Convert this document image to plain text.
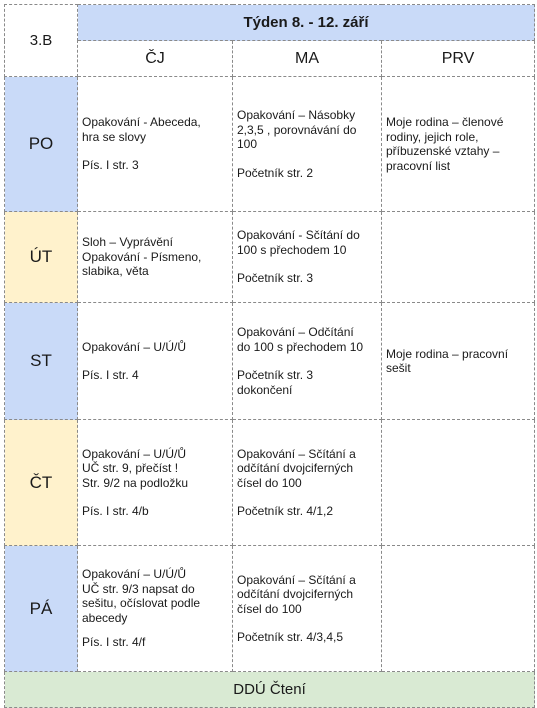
3.B	Týden 8. - 12. září		
	ČJ	MA	PRV
PO	Opakování - Abeceda,
hra se slovy
Pís. I str. 3	Opakování – Násobky
2,3,5 , porovnávání do
100
Početník str. 2	Moje rodina – členové
rodiny, jejich role,
příbuzenské vztahy –
pracovní list

ÚT	Sloh – Vyprávění
Opakování - Písmeno,
slabika, věta	Opakování - Sčítání do
100 s přechodem 10
Početník str. 3	

ST	Opakování – U/Ú/Ů
Pís. I str. 4	Opakování – Odčítání
do 100 s přechodem 10
Početník str. 3
dokončení	Moje rodina – pracovní
sešit

ČT	Opakování – U/Ú/Ů
UČ str. 9, přečíst !
Str. 9/2 na podložku
Pís. I str. 4/b	Opakování – Sčítání a
odčítání dvojciferných
čísel do 100
Početník str. 4/1,2	

PÁ	Opakování – U/Ú/Ů
UČ str. 9/3 napsat do
sešitu, očíslovat podle
abecedy
Pís. I str. 4/f	Opakování – Sčítání a
odčítání dvojciferných
čísel do 100
Početník str. 4/3,4,5	

DDÚ Čtení			
